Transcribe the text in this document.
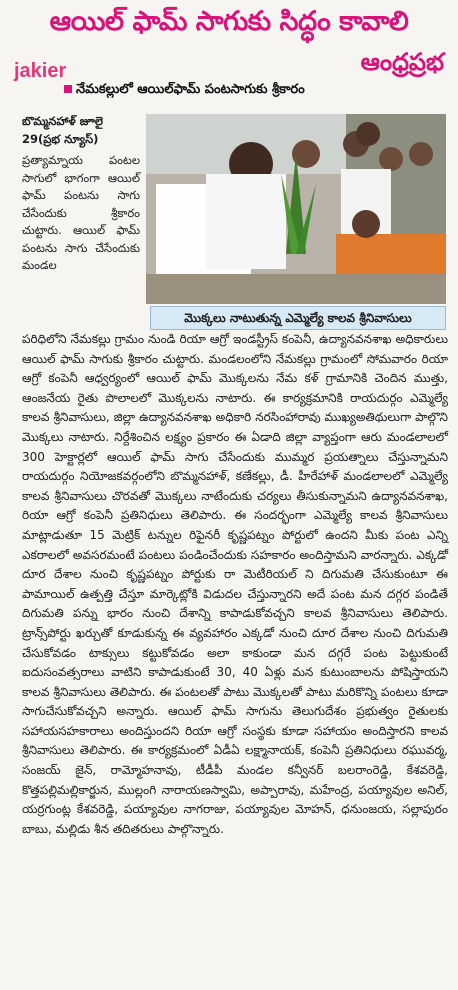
ఆయిల్ ఫామ్ సాగుకు సిద్ధం కావాలి
jakier	ఆంధ్రప్రభ
నేమకల్లులో ఆయిల్‌ఫామ్ పంటసాగుకు శ్రీకారం
బొమ్మనహాళ్ జూలై 29(ప్రభ న్యూస్)
ప్రత్యామ్నాయ పంటల సాగులో భాగంగా ఆయిల్ ఫామ్ పంటను సాగు చేసేందుకు శ్రీకారం చుట్టారు. ఆయిల్ ఫామ్ పంటను సాగు చేసేందుకు మండల
మొక్కలు నాటుతున్న ఎమ్మెల్యే కాలవ శ్రీనివాసులు

పరిధిలోని నేమకల్లు గ్రామం నుండి రియా ఆగ్రో ఇండస్ట్రీస్ కంపెనీ, ఉద్యానవనశాఖ అధికారులు ఆయిల్ ఫామ్ సాగుకు శ్రీకారం చుట్టారు. మండలంలోని నేమకల్లు గ్రామంలో సోమవారం రియా ఆగ్రో కంపెనీ ఆధ్వర్యంలో ఆయిల్ ఫామ్ మొక్కలను నేమ కళ్ గ్రామానికి చెందిన ముత్తు, ఆంజనేయ రైతు పొలాలలో మొక్కలను నాటారు. ఈ కార్యక్రమానికి రాయదుర్గం ఎమ్మెల్యే కాలవ శ్రీనివాసులు, జిల్లా ఉద్యానవనశాఖ అధికారి నరసింహారావు ముఖ్యఅతిథులుగా పాల్గొని మొక్కలు నాటారు. నిర్దేశించిన లక్ష్యం ప్రకారం ఈ ఏడాది జిల్లా వ్యాప్తంగా ఆరు మండలాలలో 300 హెక్టార్లలో ఆయిల్ ఫామ్ సాగు చేసేందుకు ముమ్మర ప్రయత్నాలు చేస్తున్నామని రాయదుర్గం నియోజకవర్గంలోని బొమ్మనహాళ్, కణేకల్లు, డీ. హీరేహాళ్ మండలాలలో ఎమ్మెల్యే కాలవ శ్రీనివాసులు చొరవతో మొక్కలు నాటేందుకు చర్యలు తీసుకున్నామని ఉద్యానవనశాఖ, రియా ఆగ్రో కంపెనీ ప్రతినిధులు తెలిపారు. ఈ సందర్భంగా ఎమ్మెల్యే కాలవ శ్రీనివాసులు మాట్లాడుతూ 15 మెట్రిక్ టన్నుల రిఫైనరీ కృష్ణపట్నం పోర్టులో ఉందని మీకు పంట ఎన్ని ఎకరాలలో అవసరమంటే పంటలు పండించేందుకు సహకారం అందిస్తామని వారన్నారు. ఎక్కడో దూర దేశాల నుంచి కృష్ణపట్నం పోర్టుకు రా మెటీరియల్ ని దిగుమతి చేసుకుంటూ ఈ పామాయిల్ ఉత్పత్తి చేస్తూ మార్కెట్లోకి విడుదల చేస్తున్నారని అదే పంట మన దగ్గర పండితే దిగుమతి పన్ను భారం నుంచి దేశాన్ని కాపాడుకోవచ్చని కాలవ శ్రీనివాసులు తెలిపారు. ట్రాన్స్‌పోర్టు ఖర్చుతో కూడుకున్న ఈ వ్యవహారం ఎక్కడో నుంచి దూర దేశాల నుంచి దిగుమతి చేసుకోవడం టాక్సులు కట్టుకోవడం అలా కాకుండా మన దగ్గరే పంట పెట్టుకుంటే ఐదుసంవత్సరాలు వాటిని కాపాడుకుంటే 30, 40 ఏళ్లు మన కుటుంబాలను పోషిస్తాయని కాలవ శ్రీనివాసులు తెలిపారు. ఈ పంటలతో పాటు మొక్కలతో పాటు మరికొన్ని పంటలు కూడా సాగుచేసుకోవచ్చని అన్నారు. ఆయిల్ ఫామ్ సాగును తెలుగుదేశం ప్రభుత్వం రైతులకు సహాయసహకారాలు అందిస్తుందని రియా ఆగ్రో సంస్థకు కూడా సహాయం అందిస్తారని కాలవ శ్రీనివాసులు తెలిపారు. ఈ కార్యక్రమంలో ఏడీఏ లక్ష్మానాయక్, కంపెనీ ప్రతినిధులు రఘువర్మ, సంజయ్ జైన్, రామ్మోహనావు, టీడీపీ మండల కన్వీనర్ బలరాంరెడ్డి, కేశవరెడ్డి, కొత్తపల్లిమల్లికార్జున, ముల్లంగి నారాయణస్వామి, అప్పారావు, మహేంద్ర, పయ్యావుల అనిల్, యర్రగుంట్ల కేశవరెడ్డి, పయ్యావుల నాగరాజు, పయ్యావుల మోహన్, ధనుంజయ, సల్లాపురం బాబు, మల్లిడు శీన తదితరులు పాల్గొన్నారు.
